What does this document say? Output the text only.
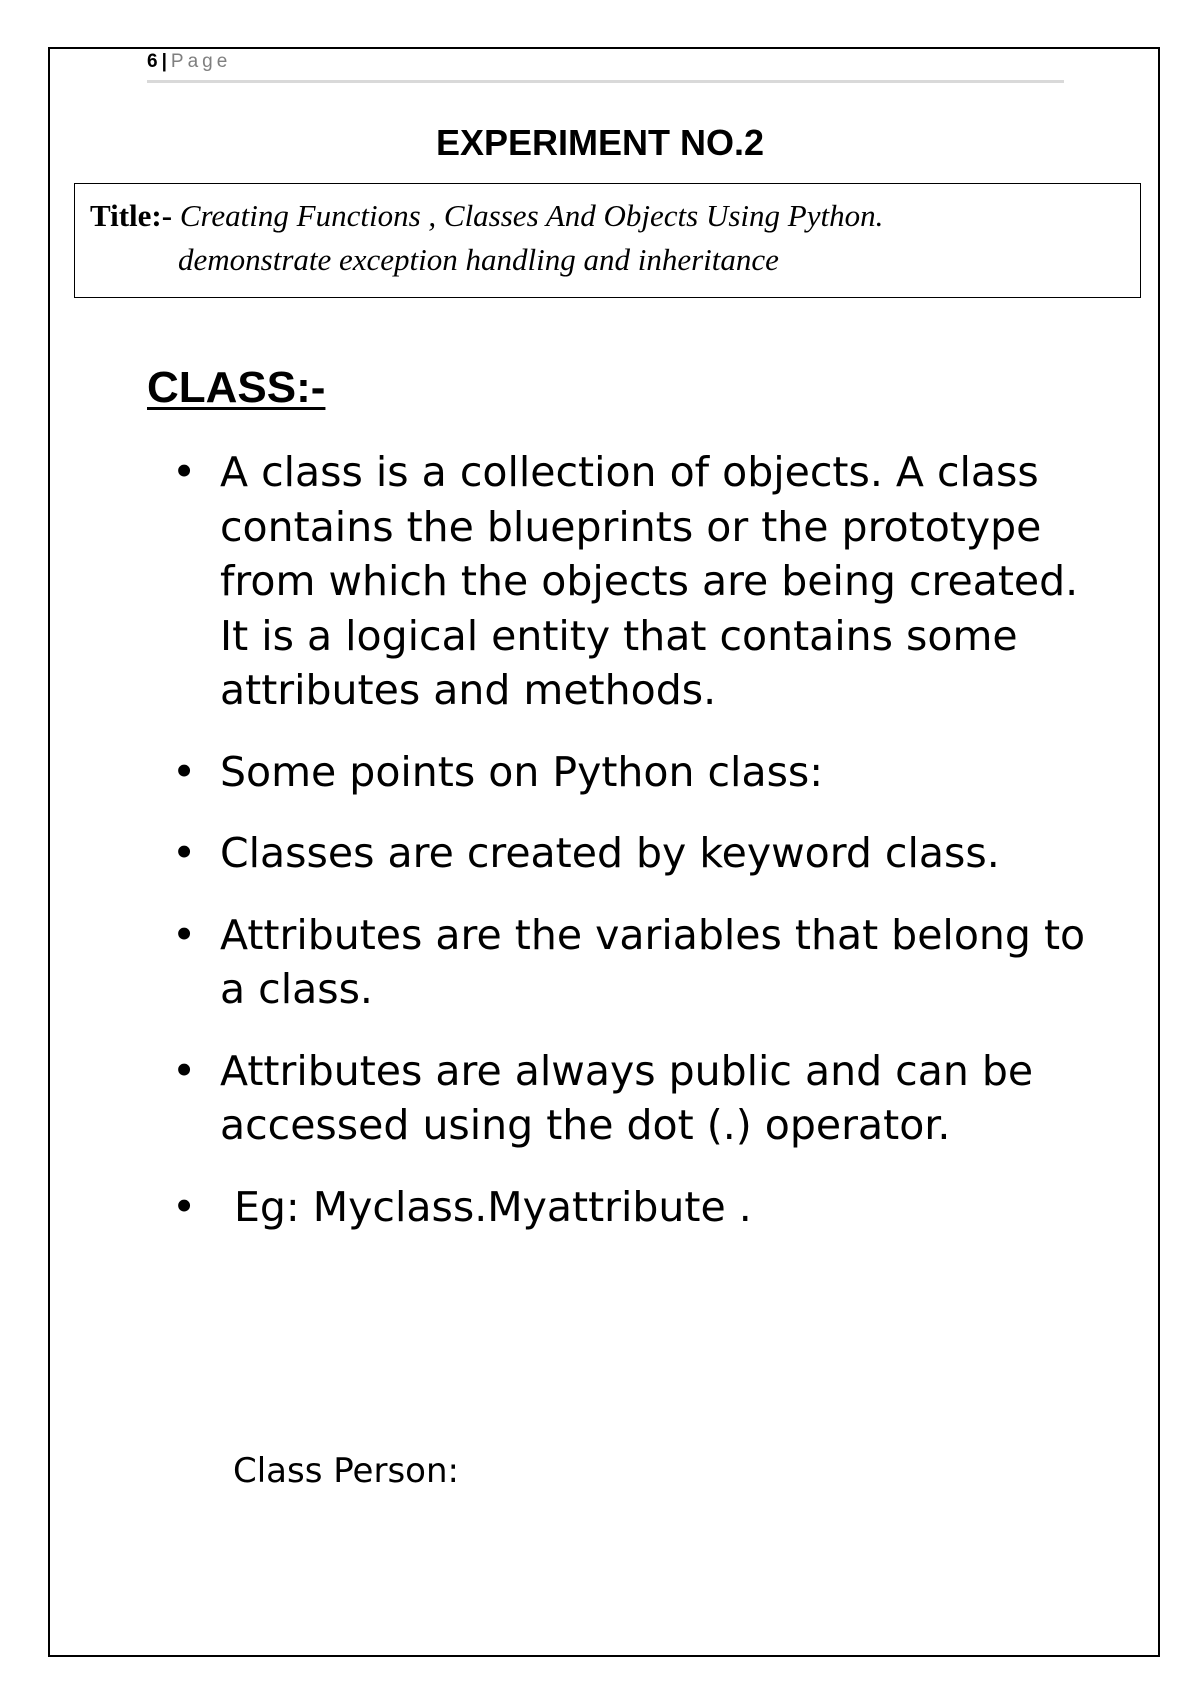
6 | Page
EXPERIMENT NO.2
Title:- Creating Functions , Classes And Objects Using Python.
demonstrate exception handling and inheritance
CLASS:-
• A class is a collection of objects. A class contains the blueprints or the prototype from which the objects are being created. It is a logical entity that contains some attributes and methods.
• Some points on Python class:
• Classes are created by keyword class.
• Attributes are the variables that belong to a class.
• Attributes are always public and can be accessed using the dot (.) operator.
• Eg: Myclass.Myattribute .
Class Person:
